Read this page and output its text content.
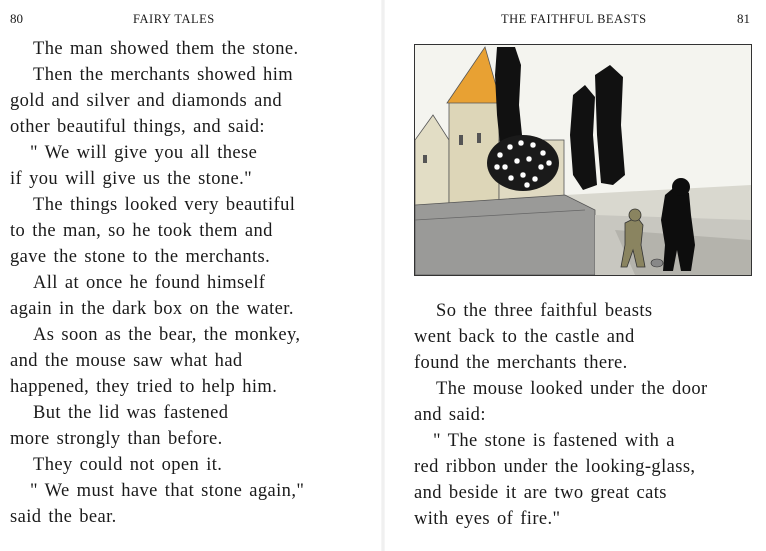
80	FAIRY TALES
The man showed them the stone.
Then the merchants showed him
gold and silver and diamonds and
other beautiful things, and said:
" We will give you all these
if you will give us the stone."
The things looked very beautiful
to the man, so he took them and
gave the stone to the merchants.
All at once he found himself
again in the dark box on the water.
As soon as the bear, the monkey,
and the mouse saw what had
happened, they tried to help him.
But the lid was fastened
more strongly than before.
They could not open it.
" We must have that stone again,"
said the bear.
THE FAITHFUL BEASTS	81
So the three faithful beasts
went back to the castle and
found the merchants there.
The mouse looked under the door
and said:
" The stone is fastened with a
red ribbon under the looking-glass,
and beside it are two great cats
with eyes of fire."
